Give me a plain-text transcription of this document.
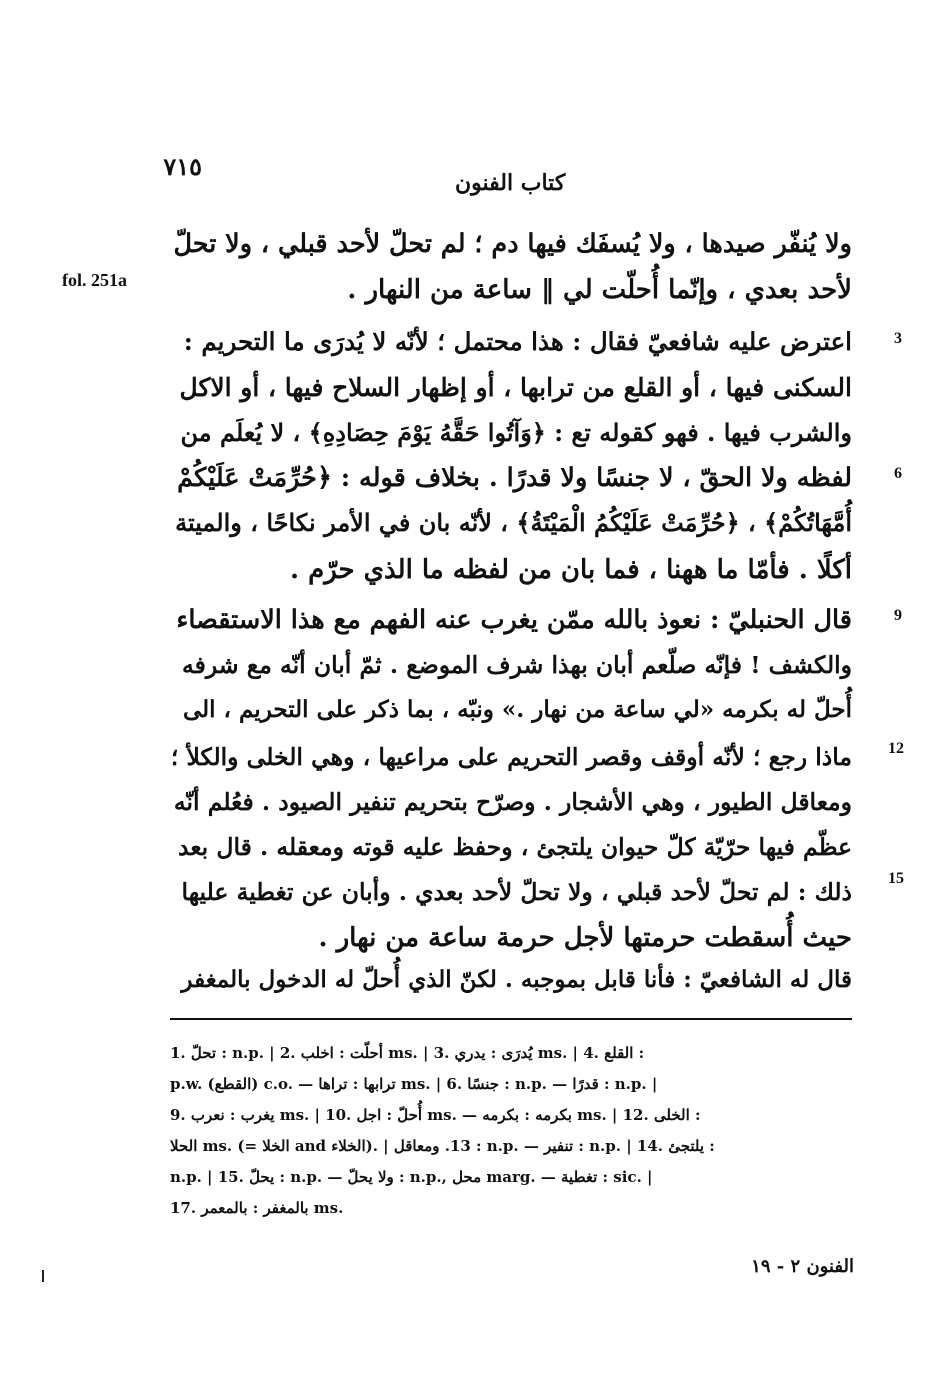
٧١٥
كتاب الفنون
fol. 251a
ولا يُنفّر صيدها ، ولا يُسفَك فيها دم ؛ لم تحلّ لأحد قبلي ، ولا تحلّ
لأحد بعدي ، وإنّما أُحلّت لي ‖ ساعة من النهار .
اعترض عليه شافعيّ فقال : هذا محتمل ؛ لأنّه لا يُدرَى ما التحريم :	3
السكنى فيها ، أو القلع من ترابها ، أو إظهار السلاح فيها ، أو الاكل
والشرب فيها . فهو كقوله تع : ﴿وَآتُوا حَقَّهُ يَوْمَ حِصَادِهِ﴾ ، لا يُعلَم من
لفظه ولا الحقّ ، لا جنسًا ولا قدرًا . بخلاف قوله : ﴿حُرِّمَتْ عَلَيْكُمْ	6
أُمَّهَاتُكُمْ﴾ ، ﴿حُرِّمَتْ عَلَيْكُمُ الْمَيْتَةُ﴾ ، لأنّه بان في الأمر نكاحًا ، والميتة
أكلًا . فأمّا ما ههنا ، فما بان من لفظه ما الذي حرّم .
قال الحنبليّ : نعوذ بالله ممّن يغرب عنه الفهم مع هذا الاستقصاء	9
والكشف ! فإنّه صلّعم أبان بهذا شرف الموضع . ثمّ أبان أنّه مع شرفه
أُحلّ له بكرمه «لي ساعة من نهار .» ونبّه ، بما ذكر على التحريم ، الى
ماذا رجع ؛ لأنّه أوقف وقصر التحريم على مراعيها ، وهي الخلى والكلأ ؛ 12
ومعاقل الطيور ، وهي الأشجار . وصرّح بتحريم تنفير الصيود . فعُلم أنّه
عظّم فيها حرّيّة كلّ حيوان يلتجئ ، وحفظ عليه قوته ومعقله . قال بعد
ذلك : لم تحلّ لأحد قبلي ، ولا تحلّ لأحد بعدي . وأبان عن تغطية عليها 15
حيث أُسقطت حرمتها لأجل حرمة ساعة من نهار .
قال له الشافعيّ : فأنا قابل بموجبه . لكنّ الذي أُحلّ له الدخول بالمغفر
1. تحلّ : n.p. | 2. أحلّت : اخلب ms. | 3. يُدرَى : يدري ms. | 4. القلع :
p.w. (القطع) c.o. — ترابها : تراها ms. | 6. جنسًا : n.p. — قدرًا : n.p. |
9. يغرب : نعرب ms. | 10. أُحلّ : اجل ms. — بكرمه : بكرمه ms. | 12. الخلى :
الحلا ms. (= الخلا and الخلاء). | 13. ومعاقل : n.p. — تنفير : n.p. | 14. يلتجئ :
n.p. | 15. يحلّ : n.p. — ولا يحلّ : n.p., محل marg. — تغطية : sic. |
17. بالمغفر : بالمعمر ms.
الفنون ٢ - ١٩
